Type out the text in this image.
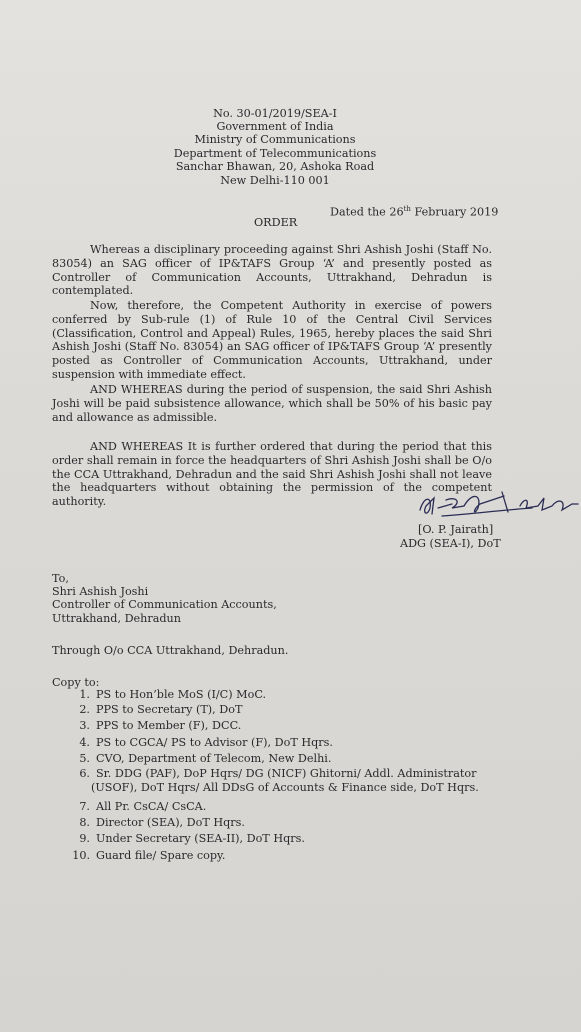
No. 30-01/2019/SEA-I
Government of India
Ministry of Communications
Department of Telecommunications
Sanchar Bhawan, 20, Ashoka Road
New Delhi-110 001
Dated the 26th February 2019
ORDER
Whereas a disciplinary proceeding against Shri Ashish Joshi (Staff No. 83054) an SAG officer of IP&TAFS Group ‘A’ and presently posted as Controller of Communication Accounts, Uttrakhand, Dehradun is contemplated.
Now, therefore, the Competent Authority in exercise of powers conferred by Sub-rule (1) of Rule 10 of the Central Civil Services (Classification, Control and Appeal) Rules, 1965, hereby places the said Shri Ashish Joshi (Staff No. 83054) an SAG officer of IP&TAFS Group ‘A’ presently posted as Controller of Communication Accounts, Uttrakhand, under suspension with immediate effect.
AND WHEREAS during the period of suspension, the said Shri Ashish Joshi will be paid subsistence allowance, which shall be 50% of his basic pay and allowance as admissible.
AND WHEREAS It is further ordered that during the period that this order shall remain in force the headquarters of Shri Ashish Joshi shall be O/o the CCA Uttrakhand, Dehradun and the said Shri Ashish Joshi shall not leave the headquarters without obtaining the permission of the competent authority.
[O. P. Jairath]
ADG (SEA-I), DoT
To,
Shri Ashish Joshi
Controller of Communication Accounts,
Uttrakhand, Dehradun
Through O/o CCA Uttrakhand, Dehradun.
Copy to:
1. PS to Hon’ble MoS (I/C) MoC.
2. PPS to Secretary (T), DoT
3. PPS to Member (F), DCC.
4. PS to CGCA/ PS to Advisor (F), DoT Hqrs.
5. CVO, Department of Telecom, New Delhi.
6. Sr. DDG (PAF), DoP Hqrs/ DG (NICF) Ghitorni/ Addl. Administrator
(USOF), DoT Hqrs/ All DDsG of Accounts & Finance side, DoT Hqrs.
7. All Pr. CsCA/ CsCA.
8. Director (SEA), DoT Hqrs.
9. Under Secretary (SEA-II), DoT Hqrs.
10. Guard file/ Spare copy.
